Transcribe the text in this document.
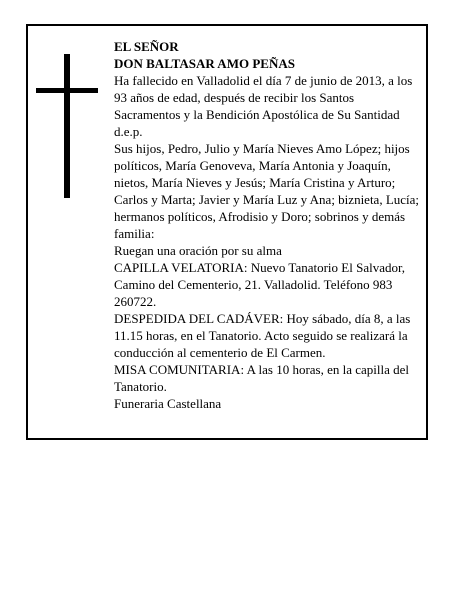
EL SEÑOR

DON BALTASAR AMO PEÑAS

Ha fallecido en Valladolid el día 7 de junio de 2013, a los 93 años de edad, después de recibir los Santos Sacramentos y la Bendición Apostólica de Su Santidad d.e.p.

Sus hijos, Pedro, Julio y María Nieves Amo López; hijos políticos, María Genoveva, María Antonia y Joaquín, nietos, María Nieves y Jesús; María Cristina y Arturo; Carlos y Marta; Javier y María Luz y Ana; biznieta, Lucía; hermanos políticos, Afrodisio y Doro; sobrinos y demás familia:

Ruegan una oración por su alma

CAPILLA VELATORIA: Nuevo Tanatorio El Salvador, Camino del Cementerio, 21. Valladolid. Teléfono 983 260722.

DESPEDIDA DEL CADÁVER: Hoy sábado, día 8, a las 11.15 horas, en el Tanatorio. Acto seguido se realizará la conducción al cementerio de El Carmen.

MISA COMUNITARIA: A las 10 horas, en la capilla del Tanatorio.

Funeraria Castellana
